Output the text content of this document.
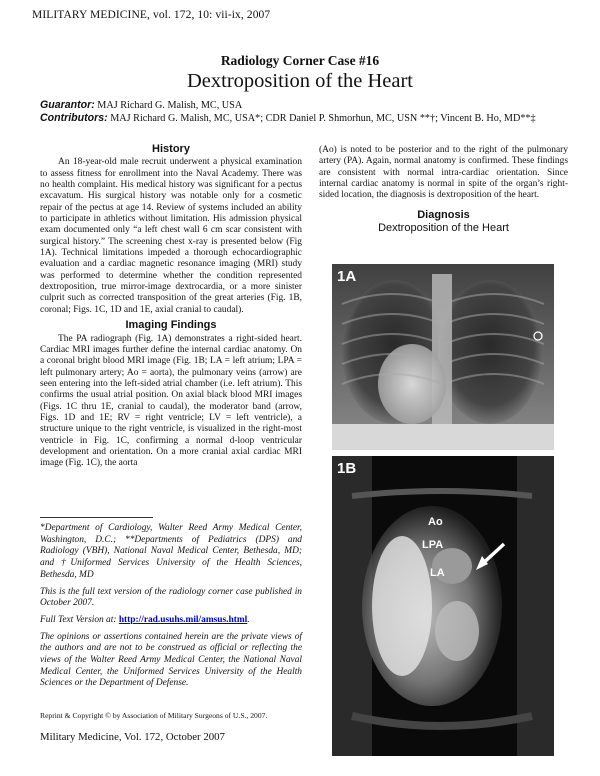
MILITARY MEDICINE, vol. 172, 10: vii-ix, 2007
Radiology Corner Case #16
Dextroposition of the Heart
Guarantor: MAJ Richard G. Malish, MC, USA
Contributors: MAJ Richard G. Malish, MC, USA*; CDR Daniel P. Shmorhun, MC, USN **†; Vincent B. Ho, MD**‡
History

An 18-year-old male recruit underwent a physical examination to assess fitness for enrollment into the Naval Academy. There was no health complaint. His medical history was significant for a pectus excavatum. His surgical history was notable only for a cosmetic repair of the pectus at age 14. Review of systems included an ability to participate in athletics without limitation. His admission physical exam documented only “a left chest wall 6 cm scar consistent with surgical history.” The screening chest x-ray is presented below (Fig 1A). Technical limitations impeded a thorough echocardiographic evaluation and a cardiac magnetic resonance imaging (MRI) study was performed to determine whether the condition represented dextroposition, true mirror-image dextrocardia, or a more sinister culprit such as corrected transposition of the great arteries (Fig. 1B, coronal; Figs. 1C, 1D and 1E, axial cranial to caudal).

Imaging Findings

The PA radiograph (Fig. 1A) demonstrates a right-sided heart. Cardiac MRI images further define the internal cardiac anatomy. On a coronal bright blood MRI image (Fig. 1B; LA = left atrium; LPA = left pulmonary artery; Ao = aorta), the pulmonary veins (arrow) are seen entering into the left-sided atrial chamber (i.e. left atrium). This confirms the usual atrial position. On axial black blood MRI images (Figs. 1C thru 1E, cranial to caudal), the moderator band (arrow, Figs. 1D and 1E; RV = right ventricle; LV = left ventricle), a structure unique to the right ventricle, is visualized in the right-most ventricle in Fig. 1C, confirming a normal d-loop ventricular development and orientation. On a more cranial axial cardiac MRI image (Fig. 1C), the aorta

(Ao) is noted to be posterior and to the right of the pulmonary artery (PA). Again, normal anatomy is confirmed. These findings are consistent with normal intra-cardiac orientation. Since internal cardiac anatomy is normal in spite of the organ’s right-sided location, the diagnosis is dextroposition of the heart.
Diagnosis
Dextroposition of the Heart
1A
1B
Ao
LPA
LA
*Department of Cardiology, Walter Reed Army Medical Center, Washington, D.C.; **Departments of Pediatrics (DPS) and Radiology (VBH), National Naval Medical Center, Bethesda, MD; and †Uniformed Services University of the Health Sciences, Bethesda, MD
This is the full text version of the radiology corner case published in October 2007.
Full Text Version at: http://rad.usuhs.mil/amsus.html.
The opinions or assertions contained herein are the private views of the authors and are not to be construed as official or reflecting the views of the Walter Reed Army Medical Center, the National Naval Medical Center, the Uniformed Services University of the Health Sciences or the Department of Defense.
Reprint & Copyright © by Association of Military Surgeons of U.S., 2007.
Military Medicine, Vol. 172, October 2007
